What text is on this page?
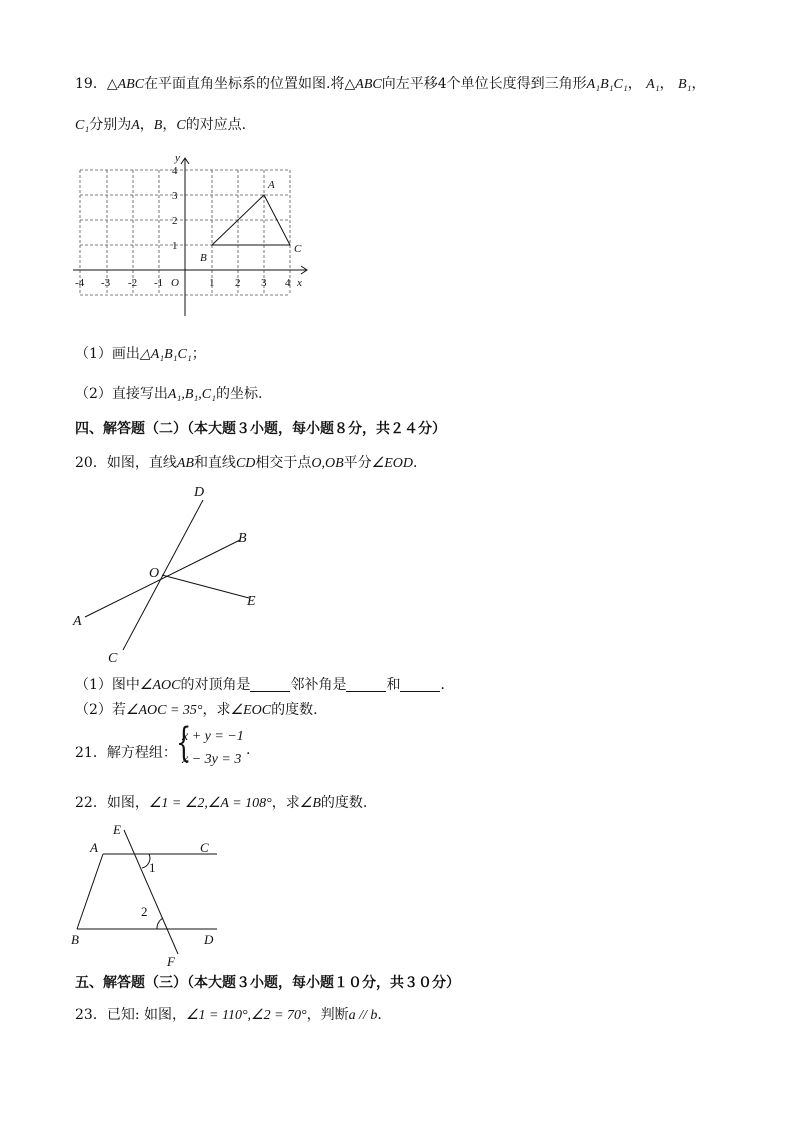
19．△ABC在平面直角坐标系的位置如图.将△ABC向左平移4个单位长度得到三角形A₁B₁C₁， A₁， B₁，
C₁分别为A，B，C的对应点.
-4 -3 -2 -1	1 2 3 4
1
2
3
4
O	x
y
A
B
C
（1）画出△A₁B₁C₁；
（2）直接写出A₁,B₁,C₁的坐标.
四、解答题（二）（本大题３小题，每小题８分，共２４分）
20．如图，直线AB和直线CD相交于点O,OB平分∠EOD．
D
B
O
E
A
C
（1）图中∠AOC的对顶角是	邻补角是	和	．
（2）若∠AOC = 35°，求∠EOC的度数.
21．解方程组： {
x + y = −1
x − 3y = 3
.
22．如图，∠1 = ∠2,∠A = 108°，求∠B的度数.
E
A	C
1
2
B	D
F
五、解答题（三）（本大题３小题，每小题１０分，共３０分）
23．已知: 如图，∠1 = 110°,∠2 = 70°，判断a // b.
